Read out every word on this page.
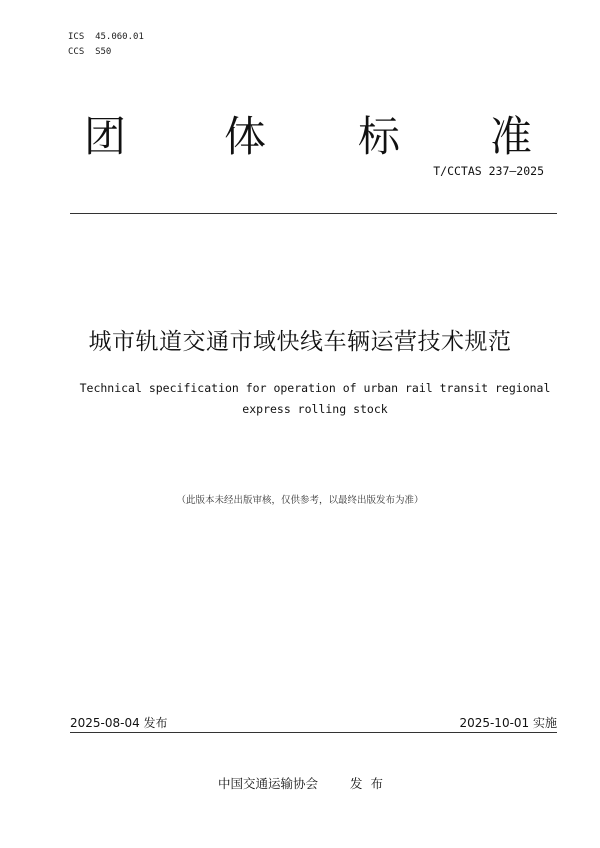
ICS  45.060.01
CCS  S50
团 体 标 准
T/CCTAS 237—2025
城市轨道交通市域快线车辆运营技术规范
Technical specification for operation of urban rail transit regional
express rolling stock
（此版本未经出版审核，仅供参考，以最终出版发布为准）
2025-08-04 发布	2025-10-01 实施
中国交通运输协会	发布
